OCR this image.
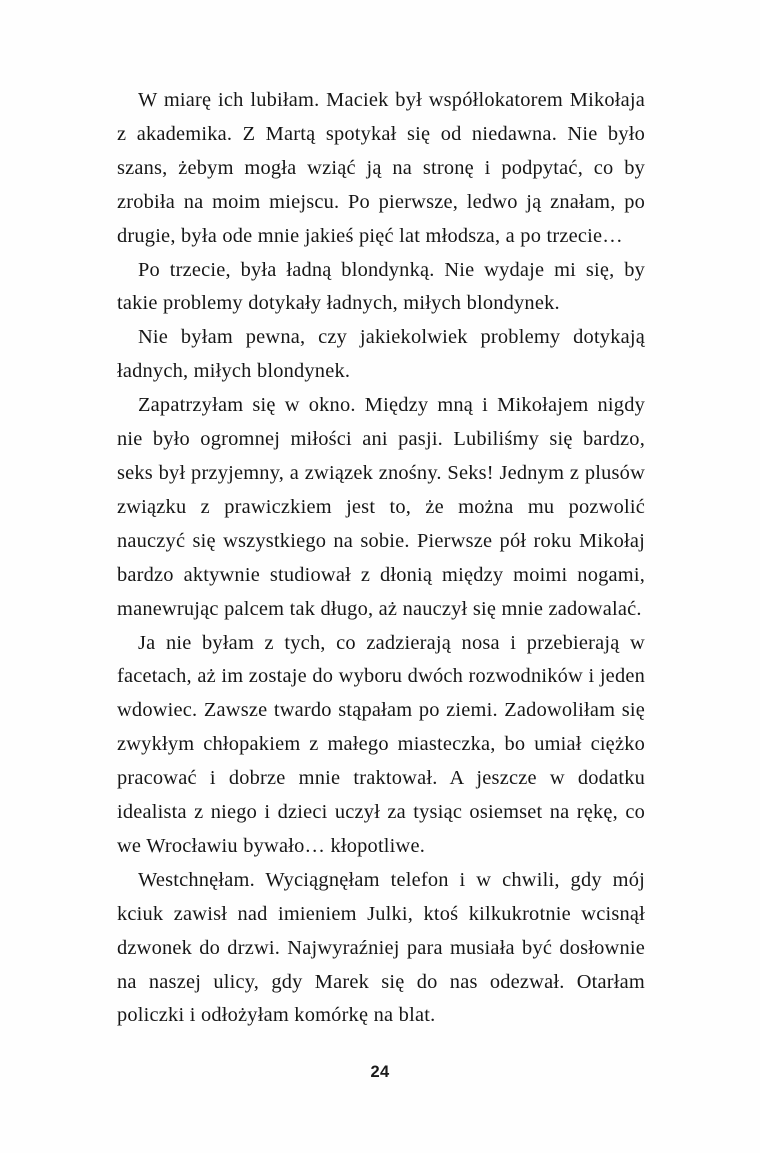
W miarę ich lubiłam. Maciek był współlokatorem Mikołaja z akademika. Z Martą spotykał się od niedawna. Nie było szans, żebym mogła wziąć ją na stronę i podpytać, co by zrobiła na moim miejscu. Po pierwsze, ledwo ją znałam, po drugie, była ode mnie jakieś pięć lat młodsza, a po trzecie…

Po trzecie, była ładną blondynką. Nie wydaje mi się, by takie problemy dotykały ładnych, miłych blondynek.

Nie byłam pewna, czy jakiekolwiek problemy dotykają ładnych, miłych blondynek.

Zapatrzyłam się w okno. Między mną i Mikołajem nigdy nie było ogromnej miłości ani pasji. Lubiliśmy się bardzo, seks był przyjemny, a związek znośny. Seks! Jednym z plusów związku z prawiczkiem jest to, że można mu pozwolić nauczyć się wszystkiego na sobie. Pierwsze pół roku Mikołaj bardzo aktywnie studiował z dłonią między moimi nogami, manewrując palcem tak długo, aż nauczył się mnie zadowalać.

Ja nie byłam z tych, co zadzierają nosa i przebierają w facetach, aż im zostaje do wyboru dwóch rozwodników i jeden wdowiec. Zawsze twardo stąpałam po ziemi. Zadowoliłam się zwykłym chłopakiem z małego miasteczka, bo umiał ciężko pracować i dobrze mnie traktował. A jeszcze w dodatku idealista z niego i dzieci uczył za tysiąc osiemset na rękę, co we Wrocławiu bywało… kłopotliwe.

Westchnęłam. Wyciągnęłam telefon i w chwili, gdy mój kciuk zawisł nad imieniem Julki, ktoś kilkukrotnie wcisnął dzwonek do drzwi. Najwyraźniej para musiała być dosłownie na naszej ulicy, gdy Marek się do nas odezwał. Otarłam policzki i odłożyłam komórkę na blat.

24
